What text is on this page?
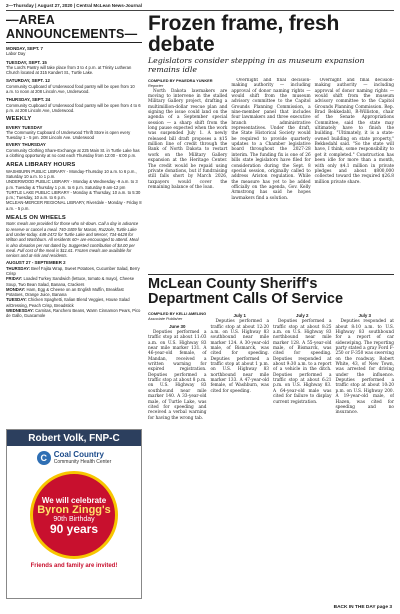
2—Thursday | August 27, 2020 | Central McLean News-Journal
—AREA ANNOUNCEMENTS—
MONDAY, SEPT. 7

Labor Day

TUESDAY, SEPT. 15

The Lord's Pantry will take place from 3 to 4 p.m. at Trinity Lutheran Church located at 315 Kandert St., Turtle Lake.

SATURDAY, SEPT. 12

Community Cupboard of Underwood food pantry will be open from 10 a.m. to noon at 208 Lincoln Ave, Underwood.

THURSDAY, SEPT. 24

Community Cupboard of Underwood food pantry will be open from 4 to 6 p.m. at 208 Lincoln Ave, Underwood.

WEEKLY
EVERY TUESDAY

The Community Cupboard of Underwood Thrift Store is open every Tuesday 1 - 5 pm. 208 Lincoln Ave. Underwood

EVERY THURSDAY

Community Clothing Share-Exchange at 225 Main St. in Turtle Lake has a clothing opportunity at no cost each Thursday from 12:00 - 6:00 p.m.

AREA LIBRARY HOURS

WASHBURN PUBLIC LIBRARY - Monday-Thursday 10 a.m. to 6 p.m., Saturday 10 a.m. to 1 p.m.

UNDERWOOD PUBLIC LIBRARY - Monday & Wednesday -9 a.m. to 3 p.m. Tuesday & Thursday 1 p.m. to 6 p.m. Saturday 9 am-12 pm

TURTLE LAKE PUBLIC LIBRARY - Monday & Thursday, 10 a.m. to 5:30 p.m.; Tuesday, 10 a.m. to 6 p.m.

MCLEAN-MERCER REGIONAL LIBRARY, Riverdale - Monday - Friday 8 a.m. - 5 p.m.

MEALS ON WHEELS

Note: meals are provided for those who sit-down. Call a day in advance to reserve or cancel a meal. 740-3409 for Mason, Ruzzole, Turtle Lake and Under-today. 448-2472 for Turtle Lake and Mercer; 734-6428 for Wilton and Washburn. All residents 60+ are encouraged to attend. Meal is also donation per not dated by. Suggested contribution of $4.00 per meal. Full cost of the meal is $11.61. Frozen meals are available for seniors and at-risk and residents.

AUGUST 27 - SEPTEMBER 2

THURSDAY: Beef Fajita Wrap, Sweet Potatoes, Cucumber Salad, Berry Crisp

FRIDAY: Loaded Turkey Sandwich (lettuce, tomato & mayo), Cheese Soup, Two Bean Salad, Banana, Crackers

MONDAY: Ham, Egg & Cheese on an English Muffin, Breakfast Potatoes, Orange Juice, Banana

TUESDAY: Chicken Spaghetti, Italian Blend Veggies, House Salad w/Dressing, Peach Crisp, Breadstick

WEDNESDAY: Carnitas, Ranchero Beans, Warm Cinnamon Pears, Pico de Gallo, Guacamole

Robert Volk, FNP-C
C Coal Country
Community Health Center
We will celebrate
Byron Zingg's
90th Birthday
90 years
Friends and family are invited!
Frozen frame, fresh debate
Legislators consider stepping in as museum expansion remains idle
COMPILED BY PHAEDRA YUNKER
Reporter

North Dakota lawmakers are moving to intervene in the stalled Military Gallery project, drafting a multimillion-dollar rescue plan and signing the issue could land on the agenda of a September special session — a sharp shift from the long pause expected when the work was suspended July 1. A newly released bill draft proposes a $15 million line of credit through the Bank of North Dakota to restart work on the Military Gallery expansion at the Heritage Center. The credit would be repaid using private donations, but if fundraising still falls short by March 2026, taxpayers would cover the remaining balance of the loan.

Overnight and final decision-making authority — including approval of donor naming rights — would shift from the museum advisory committee to the Capitol Grounds Planning Commission, a nine-member panel that includes four lawmakers and three executive branch administrative representatives. Under the draft, the State Historical Society would be required to provide quarterly updates to a Chamber legislative board throughout the 2027-28 interim. The funding fix is one of 26 bills state legislators have filed for consideration during the Sept. 8 special session, originally called to address Ariston regulation. While the measure has yet to be added officially on the agenda, Gov. Kelly Armstrong has said he hopes lawmakers find a solution.

Overnight and final decision-making authority — including approval of donor naming rights — would shift from the museum advisory committee to the Capitol Grounds Planning Commission. Rep. Brad Bekkedahl, R-Williston, chair of the Senate Appropriations Committee, said the state may ultimately have to finish the building. "Ultimately, it is a state-owned building on state property," Bekkedahl said. "So the state will have, I think, some responsibility to get it completed." Construction has been idle for more than a month, with only $4.1 million in private pledges and about $800,000 collected toward the required $26.8 million private share.

McLean County Sheriff's Department Calls Of Service
COMPILED BY KELLI AMELING
Associate Publisher
June 30

Deputies performed a traffic stop at about 11:03 a.m. on U.S. Highway 83 near mile marker 131. A 46-year-old female, of Mandan, received a written warning for expired registration. Deputies performed a traffic stop at about 8 p.m. on U.S. Highway 83 southbound near mile marker 140. A 33-year-old male, of Turtle Lake, was cited for speeding and received a verbal warning for having the wrong tab.

July 1

Deputies performed a traffic stop at about 12:20 a.m. on U.S. Highway 83 southbound near mile marker 124. A 30-year-old male, of Bismarck, was cited for speeding. Deputies performed a traffic stop at about 1 p.m. on U.S. Highway 83 northbound near mile marker 133. A 47-year-old female, of Washburn, was cited for speeding.

July 2

Deputies performed a traffic stop at about 8:25 a.m. on U.S. Highway 83 northbound near mile marker 128. A 55-year-old male, of Bismarck, was cited for speeding. Deputies responded at about 9:30 a.m. to a report of a vehicle in the ditch. Deputies performed a traffic stop at about 6:21 p.m. on U.S. Highway 83. A 64-year-old male was cited for failure to display current registration.

July 3

Deputies responded at about 8:10 a.m. to U.S. Highway 83 southbound for a report of car sideswiping. The reporting party stated a gray Ford F-250 or F-350 was swerving on the roadway. Robert White, 43, of New Town, was arrested for driving under the influence. Deputies performed a traffic stop at about 10:20 p.m. on U.S. Highway 200. A 19-year-old male, of Hazen, was cited for speeding and no insurance.

BACK IN THE DAY page 3
